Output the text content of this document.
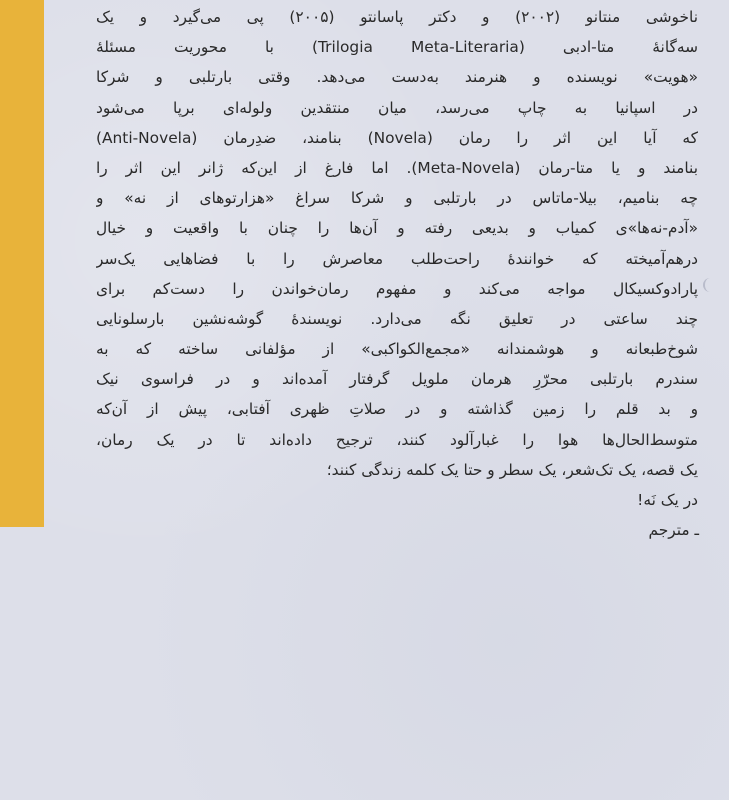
ناخوشی منتانو (۲۰۰۲) و دکتر پاسانتو (۲۰۰۵) پی می‌گیرد و یک
سه‌گانهٔ متا-ادبی (Trilogia Meta-Literaria) با محوریت مسئلهٔ
«هویت» نویسنده و هنرمند به‌دست می‌دهد. وقتی بارتلبی و شرکا
در اسپانیا به چاپ می‌رسد، میان منتقدین ولوله‌ای برپا می‌شود
که آیا این اثر را رمان (Novela) بنامند، ضدِرمان (Anti-Novela)
بنامند و یا متا-رمان (Meta-Novela). اما فارغ از این‌که ژانر این اثر را
چه بنامیم، بیلا-ماتاس در بارتلبی و شرکا سراغ «هزارتوهای از نه» و
«آدم-نه‌ها»ی کمیاب و بدیعی رفته و آن‌ها را چنان با واقعیت و خیال
درهم‌آمیخته که خوانندهٔ راحت‌طلب معاصرش را با فضاهایی یک‌سر
پارادوکسیکال مواجه می‌کند و مفهوم رمان‌خواندن را دست‌کم برای
چند ساعتی در تعلیق نگه می‌دارد. نویسندهٔ گوشه‌نشین بارسلونایی
شوخ‌طبعانه و هوشمندانه «مجمع‌الکواکبی» از مؤلفانی ساخته که به
سندرم بارتلبی محرّرِ هرمان ملویل گرفتار آمده‌اند و در فراسوی نیک
و بد قلم را زمین گذاشته و در صلاتِ ظهری آفتابی، پیش از آن‌که
متوسط‌الحال‌ها هوا را غبارآلود کنند، ترجیح داده‌اند تا در یک رمان،
یک قصه، یک تک‌شعر، یک سطر و حتا یک کلمه زندگی کنند؛
در یک نَه!
ـ مترجم
